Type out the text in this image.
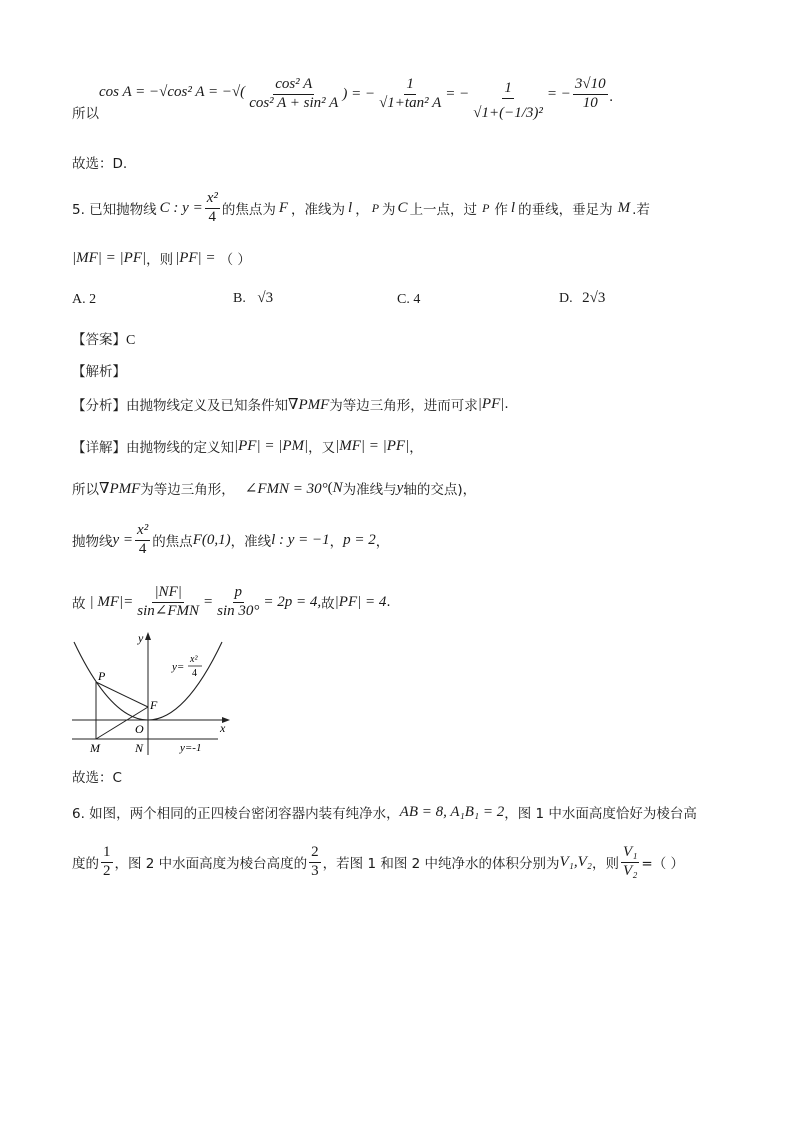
所以
cos A = −√cos² A = −√( $\frac{\text{cos² A}}{\text{cos² A + sin² A}}$ ) = − $\frac{1}{\text{√1+tan² A}}$ = − $\frac{1}{\text{√1+(−1/3)²}}$ = − $\frac{3√10}{10}$ .
故选：D.
5. 已知抛物线 C : $y = \frac{\text{x²}}{4}$ 的焦点为 F ，准线为 l ， P 为 C 上一点，过 P 作 l 的垂线，垂足为 M .若
|MF| = |PF| ，则 |PF| = （ ）
A. 2	B. √3	C. 4	D. 2√3
【答案】C
【解析】
【分析】 由抛物线定义及已知条件知 ∇PMF 为等边三角形，进而可求 |PF| .
【详解】 由抛物线的定义知 |PF| = |PM| ，又 |MF| = |PF| ，
所以 ∇PMF 为等边三角形， ∠FMN = 30° ( N 为准线与 y 轴的交点)，
抛物线 $y = \frac{\text{x²}}{4}$ 的焦点 F(0,1) ，准线 l : y = −1 ， p = 2 ，
故 | $MF|= \frac{|NF|}{\text{sin∠FMN}} = \frac{p}{\sin 30^\circ} = 2p = 4$, 故 |PF| = 4 .
y
x
P
F
O
M	N
y=
x²
4
y=-1
故选：C
6. 如图，两个相同的正四棱台密闭容器内装有纯净水， AB = 8, A₁B₁ = 2 ，图 1 中水面高度恰好为棱台高
度的 $\frac{1}{2}$ ，图 2 中水面高度为棱台高度的 $\frac{2}{3}$ ，若图 1 和图 2 中纯净水的体积分别为 V₁,V₂ ，则 $\frac{\text{V₁}}{\text{V₂}}$ =（ ）
